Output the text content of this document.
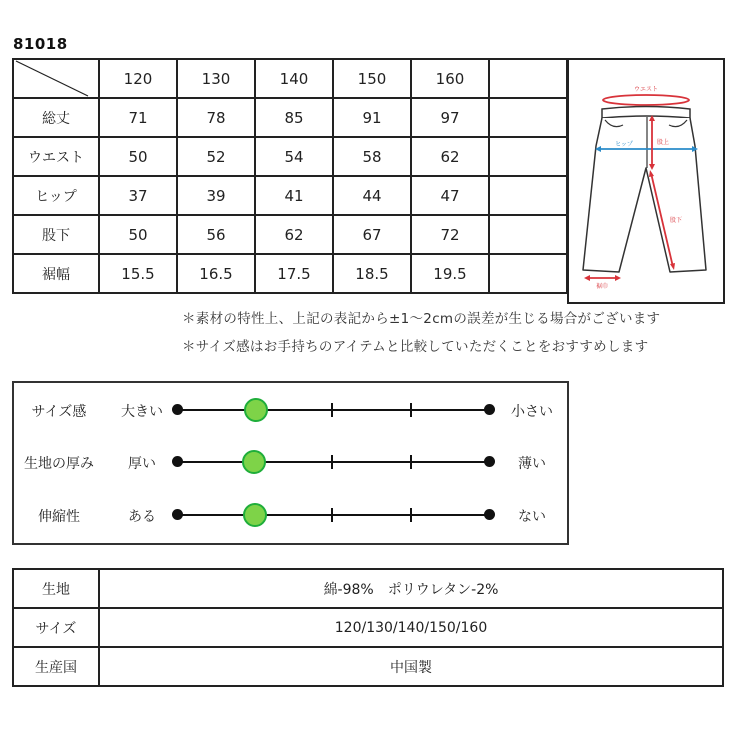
81018
	120	130	140	150	160	
総丈	71	78	85	91	97	
ウエスト	50	52	54	58	62	
ヒップ	37	39	41	44	47	
股下	50	56	62	67	72	
裾幅	15.5	16.5	17.5	18.5	19.5	
ウエスト
ヒップ	股上
股下
裾巾
＊素材の特性上、上記の表記から±1〜2cmの誤差が生じる場合がございます
＊サイズ感はお手持ちのアイテムと比較していただくことをおすすめします
サイズ感	大きい	小さい
生地の厚み	厚い	薄い
伸縮性	ある	ない
生地	綿-98%　ポリウレタン-2%
サイズ	120/130/140/150/160
生産国	中国製
